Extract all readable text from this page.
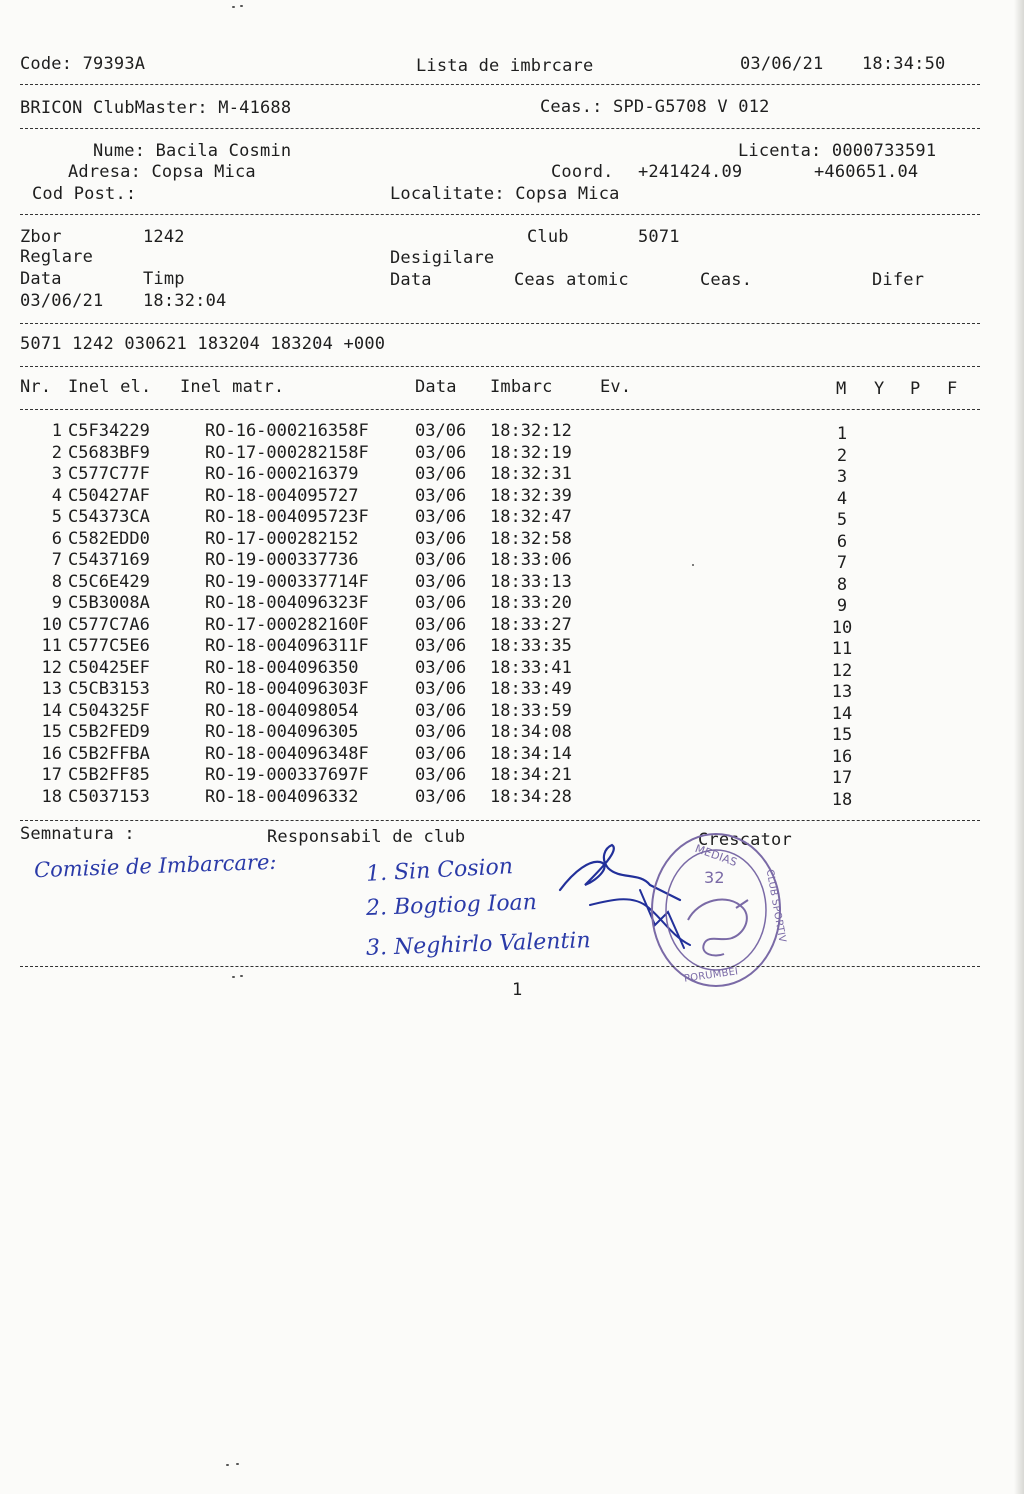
Code: 79393A	Lista de imbrcare	03/06/21 18:34:50
BRICON ClubMaster: M-41688	Ceas.: SPD-G5708 V 012
Nume: Bacila Cosmin	Licenta: 0000733591
Adresa: Copsa Mica	Coord. +241424.09	+460651.04
Cod Post.:	Localitate: Copsa Mica
Zbor	1242	Club	5071
Reglare	Desigilare
Data	Timp	Data	Ceas atomic	Ceas.	Difer
03/06/21 18:32:04
5071 1242 030621 183204 183204 +000
Nr. Inel el. Inel matr.	Data Imbarc	Ev.	M Y P F
1 C5F34229	RO-16-000216358F	03/06 18:32:12	1
2 C5683BF9	RO-17-000282158F	03/06 18:32:19	2
3 C577C77F	RO-16-000216379	03/06 18:32:31	3
4 C50427AF	RO-18-004095727	03/06 18:32:39	4
5 C54373CA	RO-18-004095723F	03/06 18:32:47	5
6 C582EDD0	RO-17-000282152	03/06 18:32:58	6
7 C5437169	RO-19-000337736	03/06 18:33:06	7
8 C5C6E429	RO-19-000337714F	03/06 18:33:13	8
9 C5B3008A	RO-18-004096323F	03/06 18:33:20	9
10 C577C7A6	RO-17-000282160F	03/06 18:33:27	10
11 C577C5E6	RO-18-004096311F	03/06 18:33:35	11
12 C50425EF	RO-18-004096350	03/06 18:33:41	12
13 C5CB3153	RO-18-004096303F	03/06 18:33:49	13
14 C504325F	RO-18-004098054	03/06 18:33:59	14
15 C5B2FED9	RO-18-004096305	03/06 18:34:08	15
16 C5B2FFBA	RO-18-004096348F	03/06 18:34:14	16
17 C5B2FF85	RO-19-000337697F	03/06 18:34:21	17
18 C5037153	RO-18-004096332	03/06 18:34:28	18
Semnatura :	Responsabil de club	Crescator
Comisie de Imbarcare:	1. Sin Cosion
2. Bogtiog Ioan
3. Neghirlo Valentin
MEDIAS
CLUB SPORTIV
PORUMBEI
32
1
